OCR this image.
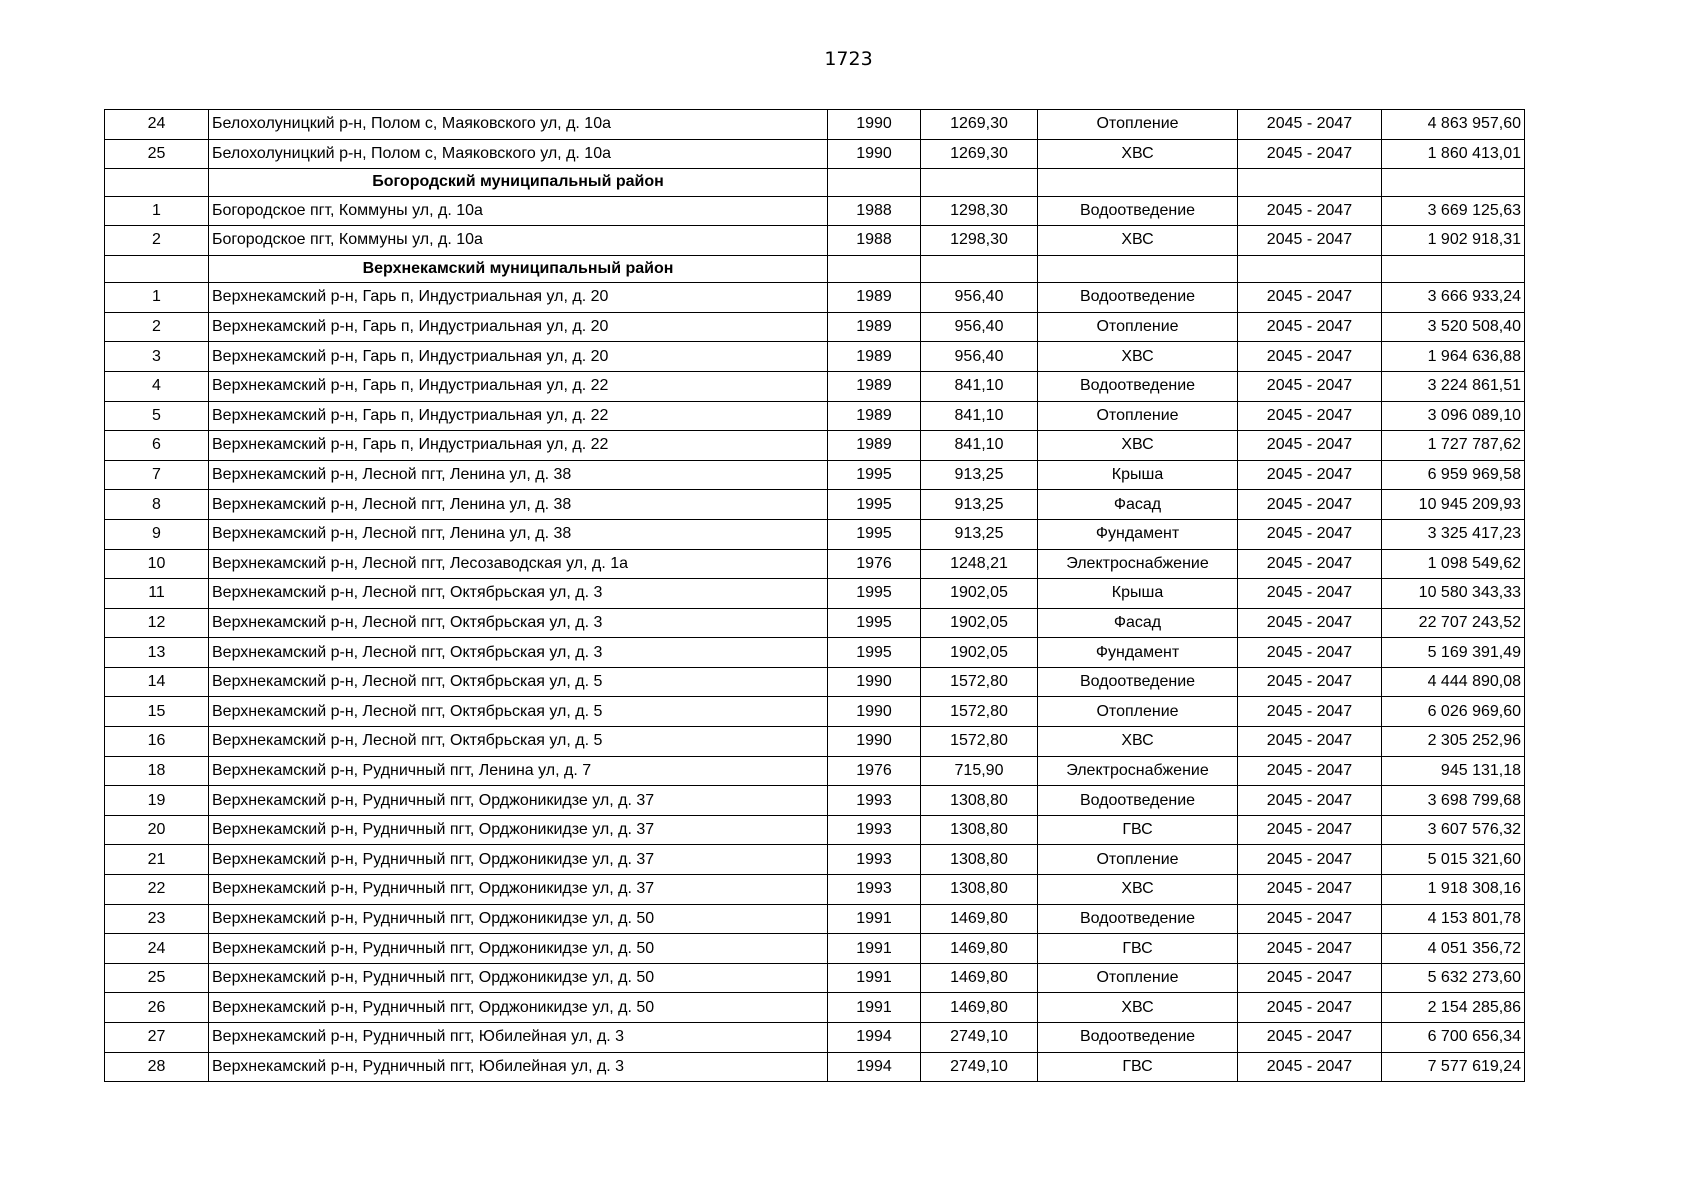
1723
24	Белохолуницкий р-н, Полом с, Маяковского ул, д. 10а	1990	1269,30	Отопление	2045 - 2047	4 863 957,60
25	Белохолуницкий р-н, Полом с, Маяковского ул, д. 10а	1990	1269,30	ХВС	2045 - 2047	1 860 413,01
	Богородский муниципальный район					
1	Богородское пгт, Коммуны ул, д. 10а	1988	1298,30	Водоотведение	2045 - 2047	3 669 125,63
2	Богородское пгт, Коммуны ул, д. 10а	1988	1298,30	ХВС	2045 - 2047	1 902 918,31
	Верхнекамский муниципальный район					
1	Верхнекамский р-н, Гарь п, Индустриальная ул, д. 20	1989	956,40	Водоотведение	2045 - 2047	3 666 933,24
2	Верхнекамский р-н, Гарь п, Индустриальная ул, д. 20	1989	956,40	Отопление	2045 - 2047	3 520 508,40
3	Верхнекамский р-н, Гарь п, Индустриальная ул, д. 20	1989	956,40	ХВС	2045 - 2047	1 964 636,88
4	Верхнекамский р-н, Гарь п, Индустриальная ул, д. 22	1989	841,10	Водоотведение	2045 - 2047	3 224 861,51
5	Верхнекамский р-н, Гарь п, Индустриальная ул, д. 22	1989	841,10	Отопление	2045 - 2047	3 096 089,10
6	Верхнекамский р-н, Гарь п, Индустриальная ул, д. 22	1989	841,10	ХВС	2045 - 2047	1 727 787,62
7	Верхнекамский р-н, Лесной пгт, Ленина ул, д. 38	1995	913,25	Крыша	2045 - 2047	6 959 969,58
8	Верхнекамский р-н, Лесной пгт, Ленина ул, д. 38	1995	913,25	Фасад	2045 - 2047	10 945 209,93
9	Верхнекамский р-н, Лесной пгт, Ленина ул, д. 38	1995	913,25	Фундамент	2045 - 2047	3 325 417,23
10	Верхнекамский р-н, Лесной пгт, Лесозаводская ул, д. 1а	1976	1248,21	Электроснабжение	2045 - 2047	1 098 549,62
11	Верхнекамский р-н, Лесной пгт, Октябрьская ул, д. 3	1995	1902,05	Крыша	2045 - 2047	10 580 343,33
12	Верхнекамский р-н, Лесной пгт, Октябрьская ул, д. 3	1995	1902,05	Фасад	2045 - 2047	22 707 243,52
13	Верхнекамский р-н, Лесной пгт, Октябрьская ул, д. 3	1995	1902,05	Фундамент	2045 - 2047	5 169 391,49
14	Верхнекамский р-н, Лесной пгт, Октябрьская ул, д. 5	1990	1572,80	Водоотведение	2045 - 2047	4 444 890,08
15	Верхнекамский р-н, Лесной пгт, Октябрьская ул, д. 5	1990	1572,80	Отопление	2045 - 2047	6 026 969,60
16	Верхнекамский р-н, Лесной пгт, Октябрьская ул, д. 5	1990	1572,80	ХВС	2045 - 2047	2 305 252,96
18	Верхнекамский р-н, Рудничный пгт, Ленина ул, д. 7	1976	715,90	Электроснабжение	2045 - 2047	945 131,18
19	Верхнекамский р-н, Рудничный пгт, Орджоникидзе ул, д. 37	1993	1308,80	Водоотведение	2045 - 2047	3 698 799,68
20	Верхнекамский р-н, Рудничный пгт, Орджоникидзе ул, д. 37	1993	1308,80	ГВС	2045 - 2047	3 607 576,32
21	Верхнекамский р-н, Рудничный пгт, Орджоникидзе ул, д. 37	1993	1308,80	Отопление	2045 - 2047	5 015 321,60
22	Верхнекамский р-н, Рудничный пгт, Орджоникидзе ул, д. 37	1993	1308,80	ХВС	2045 - 2047	1 918 308,16
23	Верхнекамский р-н, Рудничный пгт, Орджоникидзе ул, д. 50	1991	1469,80	Водоотведение	2045 - 2047	4 153 801,78
24	Верхнекамский р-н, Рудничный пгт, Орджоникидзе ул, д. 50	1991	1469,80	ГВС	2045 - 2047	4 051 356,72
25	Верхнекамский р-н, Рудничный пгт, Орджоникидзе ул, д. 50	1991	1469,80	Отопление	2045 - 2047	5 632 273,60
26	Верхнекамский р-н, Рудничный пгт, Орджоникидзе ул, д. 50	1991	1469,80	ХВС	2045 - 2047	2 154 285,86
27	Верхнекамский р-н, Рудничный пгт, Юбилейная ул, д. 3	1994	2749,10	Водоотведение	2045 - 2047	6 700 656,34
28	Верхнекамский р-н, Рудничный пгт, Юбилейная ул, д. 3	1994	2749,10	ГВС	2045 - 2047	7 577 619,24
